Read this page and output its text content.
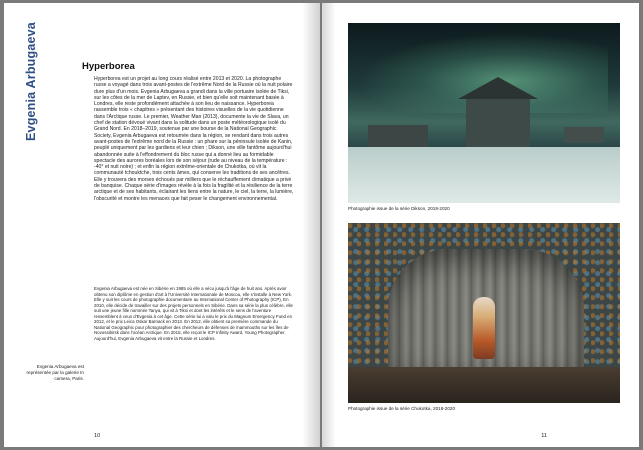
Evgenia Arbugaeva	Hyperborea

Hyperborea est un projet au long cours réalisé entre 2013 et 2020. La photographe russe a voyagé dans trois avant-postes de l'extrême Nord de la Russie où la nuit polaire dure plus d'un mois. Evgenia Arbugaeva a grandi dans la ville portuaire isolée de Tiksi, sur les côtes de la mer de Laptev, en Russie, et bien qu'elle soit maintenant basée à Londres, elle reste profondément attachée à son lieu de naissance. Hyperborea rassemble trois « chapitres » présentant des histoires visuelles de la vie quotidienne dans l'Arctique russe. Le premier, Weather Man (2013), documente la vie de Slava, un chef de station dévoué vivant dans la solitude dans un poste météorologique isolé du Grand Nord. En 2018–2019, soutenue par une bourse de la National Geographic Society, Evgenia Arbugaeva est retournée dans la région, se rendant dans trois autres avant-postes de l'extrême nord de la Russie : un phare sur la péninsule isolée de Kanin, peuplé uniquement par les gardiens et leur chien ; Dikson, une ville fantôme aujourd'hui abandonnée suite à l'effondrement du bloc russe qui a donné lieu au formidable spectacle des aurores boréales lors de son séjour (rude au niveau de la température : -40° et nuit noire) ; et enfin la région extrême-orientale de Chukotka, où vit la communauté tchouktche, trois cents âmes, qui conserve les traditions de ses ancêtres. Elle y trouvera des morses échoués par milliers que le réchauffement climatique a privé de banquise. Chaque série d'images révèle à la fois la fragilité et la résilience de la terre arctique et de ses habitants, éclairant les liens entre la nature, le ciel, la terre, la lumière, l'obscurité et montre les menaces que fait peser le changement environnemental.

Evgenia Arbugaeva est née en Sibérie en 1985 où elle a vécu jusqu'à l'âge de huit ans. Après avoir obtenu son diplôme en gestion d'art à l'Université Internationale de Moscou, elle s'installe à New York. Elle y suit les cours de photographie documentaire au International Center of Photography (ICP), En 2010, elle décide de travailler sur des projets personnels en Sibérie. Dans sa série la plus célèbre, elle suit une jeune fille nommée Tanya, qui vit à Tiksi et dont les intérêts et le sens de l'aventure ressemblent à ceux d'Evgenia à cet âge. Cette série lui a valu le prix du Magnum Emergency Fund en 2012, et le prix Leica Oskar Barnack en 2013. En 2012, elle obtient sa première commande du National Geographic pour photographier des chercheurs de défenses de mammouths sur les îles de Novossibirsk dans l'océan Arctique. En 2015, elle reçoit le ICP Infinity Award, Young Photographer. Aujourd'hui, Evgenia Arbugaeva vit entre la Russie et Londres.

Evgenia Arbugaeva est représentée par la galerie In camera, Paris.
10
Photographie issue de la série Dikson, 2018-2020
Photographie issue de la série Chukotka, 2018-2020
11
